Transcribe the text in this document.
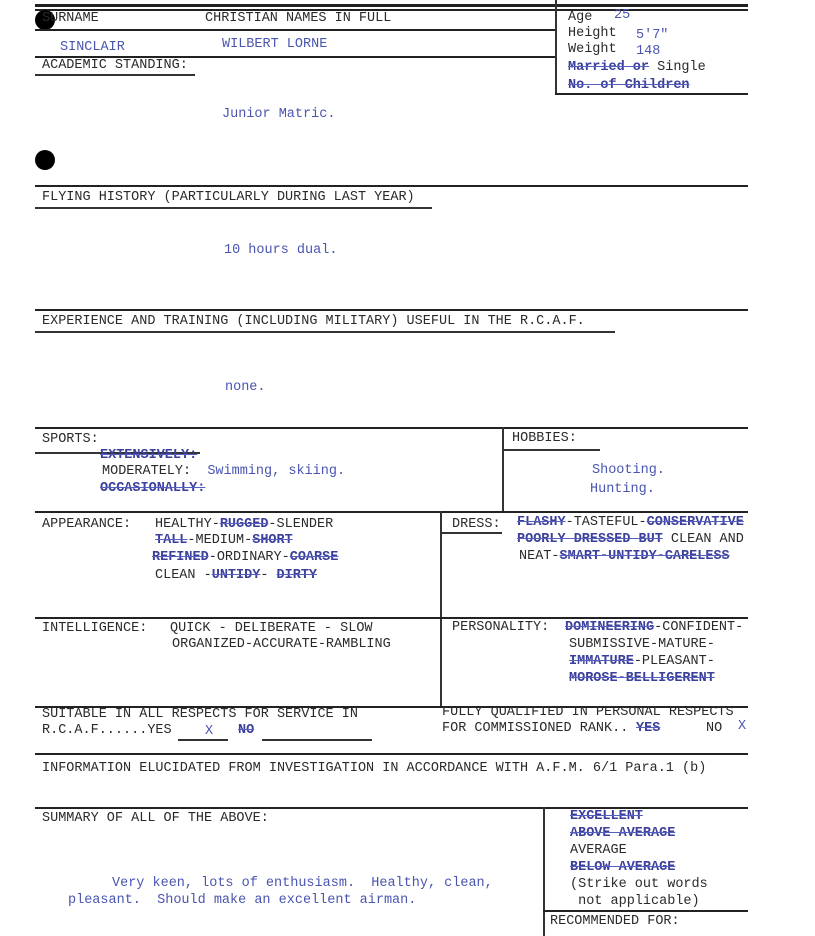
SURNAME	CHRISTIAN NAMES IN FULL
SINCLAIR	WILBERT LORNE
ACADEMIC STANDING:
Junior Matric.
Age 25
Height 5'7"
Weight 148
Married or Single
No. of Children
FLYING HISTORY (PARTICULARLY DURING LAST YEAR)
10 hours dual.
EXPERIENCE AND TRAINING (INCLUDING MILITARY) USEFUL IN THE R.C.A.F.
none.
SPORTS:
EXTENSIVELY:
MODERATELY: Swimming, skiing.
OCCASIONALLY:
HOBBIES:
Shooting.
Hunting.
APPEARANCE: HEALTHY-RUGGED-SLENDER
TALL-MEDIUM-SHORT
REFINED-ORDINARY-COARSE
CLEAN -UNTIDY- DIRTY
DRESS: FLASHY-TASTEFUL-CONSERVATIVE
POORLY DRESSED BUT CLEAN AND
NEAT-SMART-UNTIDY-CARELESS
INTELLIGENCE: QUICK - DELIBERATE - SLOW
ORGANIZED-ACCURATE-RAMBLING
PERSONALITY: DOMINEERING-CONFIDENT-
SUBMISSIVE-MATURE-
IMMATURE-PLEASANT-
MOROSE-BELLIGERENT
SUITABLE IN ALL RESPECTS FOR SERVICE IN
R.C.A.F......YES X NO
FULLY QUALIFIED IN PERSONAL RESPECTS
FOR COMMISSIONED RANK.. YES	NO X
INFORMATION ELUCIDATED FROM INVESTIGATION IN ACCORDANCE WITH A.F.M. 6/1 Para.1 (b)
SUMMARY OF ALL OF THE ABOVE:
Very keen, lots of enthusiasm.  Healthy, clean,
pleasant.  Should make an excellent airman.
EXCELLENT
ABOVE AVERAGE
AVERAGE
BELOW AVERAGE
(Strike out words
not applicable)
RECOMMENDED FOR:
